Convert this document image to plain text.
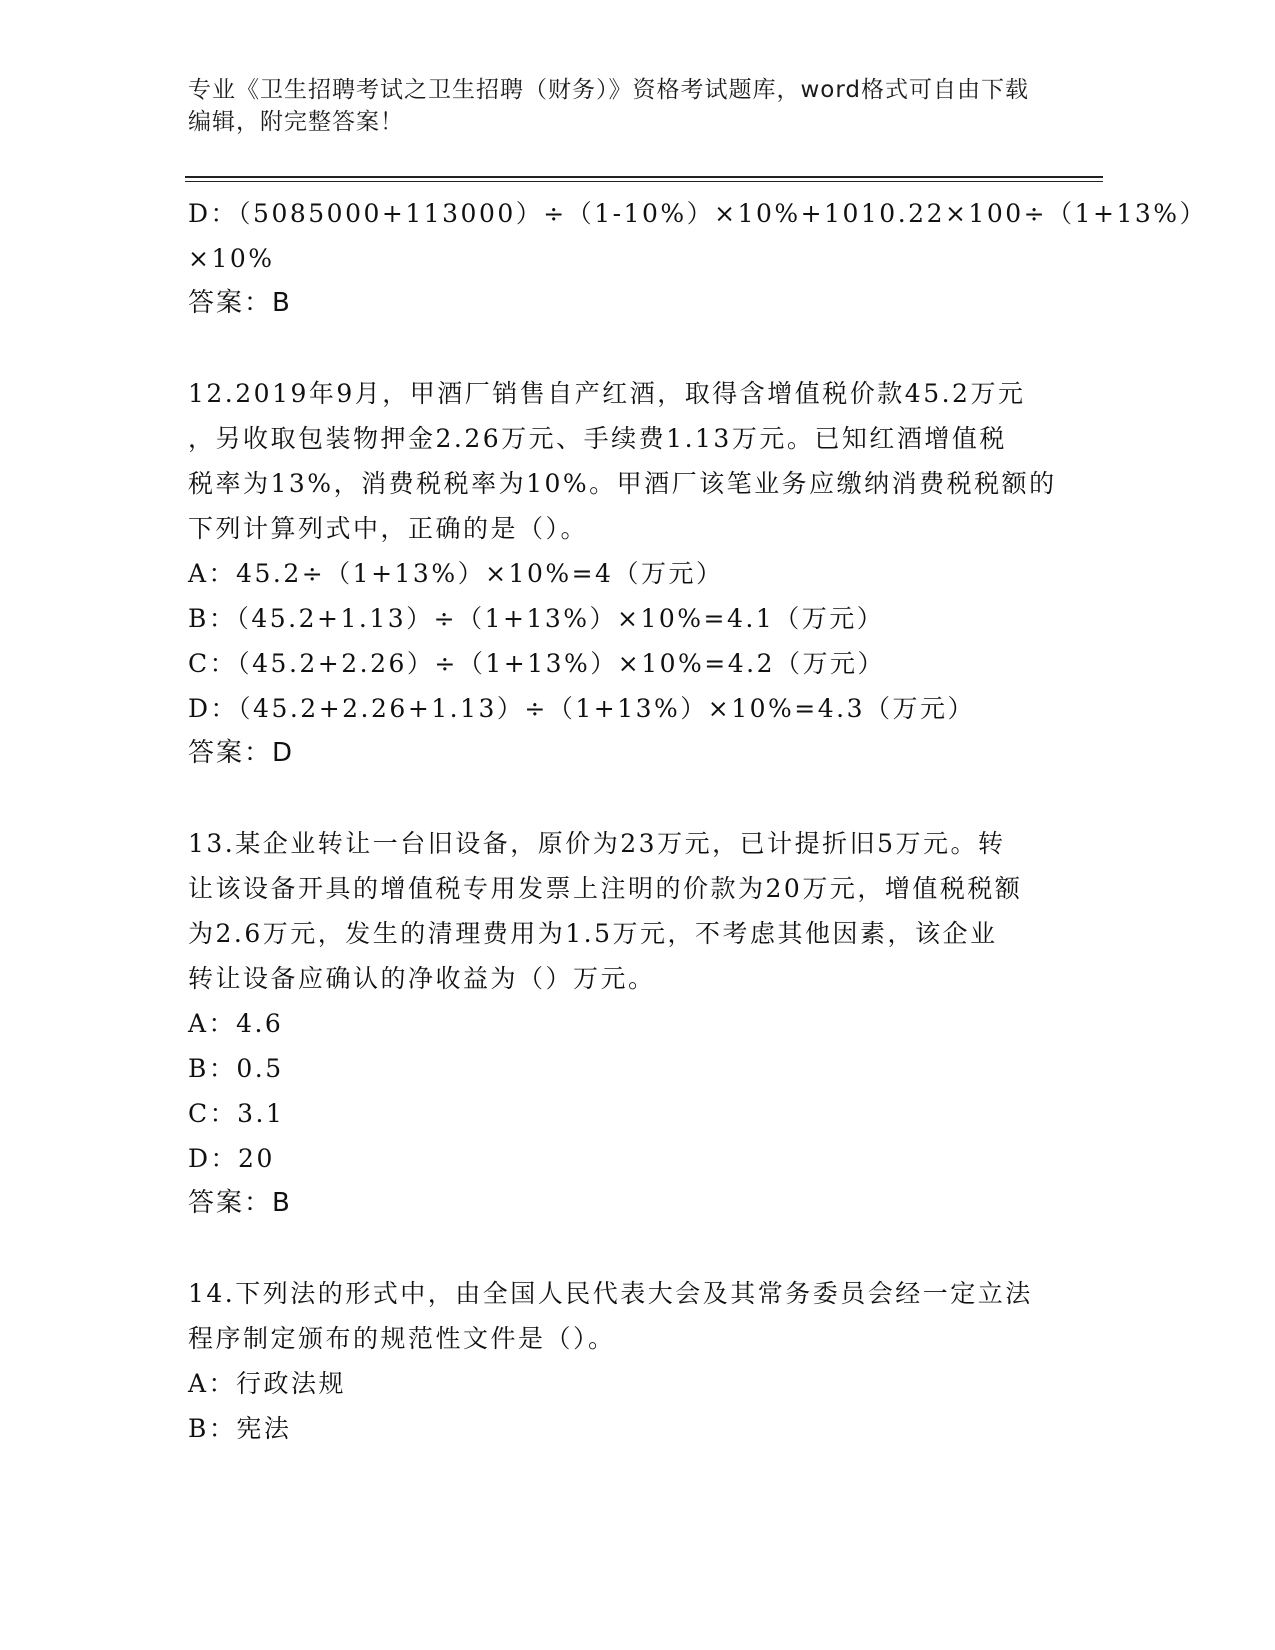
专业《卫生招聘考试之卫生招聘（财务）》资格考试题库，word格式可自由下载
编辑，附完整答案！
D：（5085000+113000）÷（1-10%）×10%+1010.22×100÷（1+13%）
×10%
答案：B
12.2019年9月，甲酒厂销售自产红酒，取得含增值税价款45.2万元
，另收取包装物押金2.26万元、手续费1.13万元。已知红酒增值税
税率为13%，消费税税率为10%。甲酒厂该笔业务应缴纳消费税税额的
下列计算列式中，正确的是（）。
A：45.2÷（1+13%）×10%=4（万元）
B：（45.2+1.13）÷（1+13%）×10%=4.1（万元）
C：（45.2+2.26）÷（1+13%）×10%=4.2（万元）
D：（45.2+2.26+1.13）÷（1+13%）×10%=4.3（万元）
答案：D
13.某企业转让一台旧设备，原价为23万元，已计提折旧5万元。转
让该设备开具的增值税专用发票上注明的价款为20万元，增值税税额
为2.6万元，发生的清理费用为1.5万元，不考虑其他因素，该企业
转让设备应确认的净收益为（）万元。
A：4.6
B：0.5
C：3.1
D：20
答案：B
14.下列法的形式中，由全国人民代表大会及其常务委员会经一定立法
程序制定颁布的规范性文件是（）。
A：行政法规
B：宪法
